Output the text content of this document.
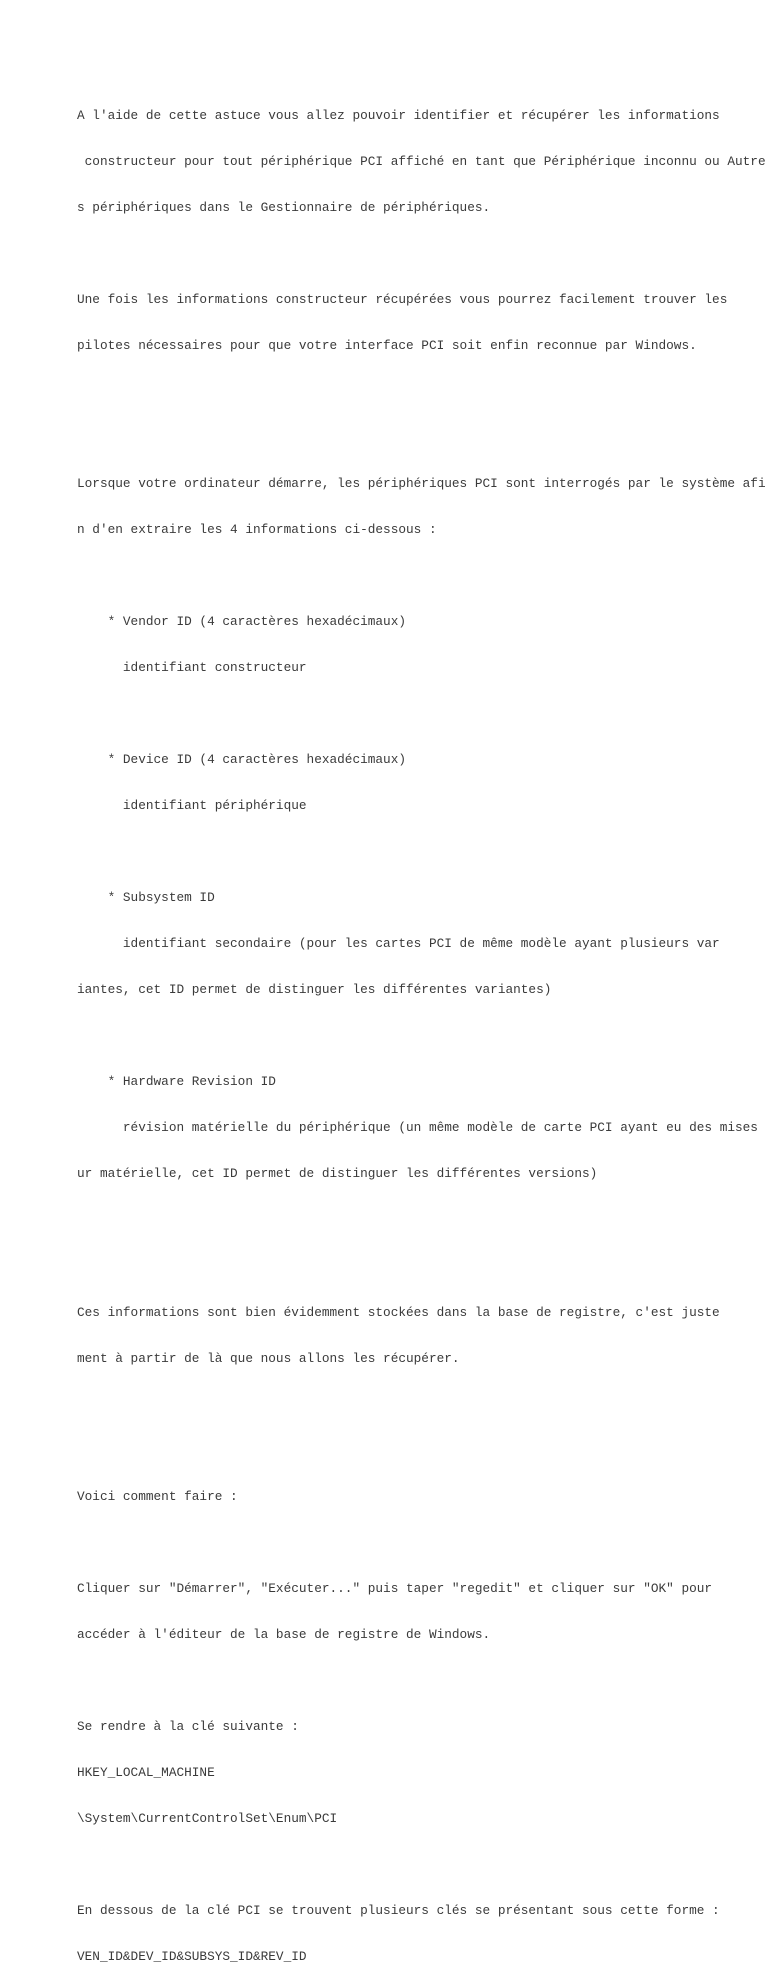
A l'aide de cette astuce vous allez pouvoir identifier et récupérer les informations

constructeur pour tout périphérique PCI affiché en tant que Périphérique inconnu ou Autre

s périphériques dans le Gestionnaire de périphériques.

Une fois les informations constructeur récupérées vous pourrez facilement trouver les

pilotes nécessaires pour que votre interface PCI soit enfin reconnue par Windows.

Lorsque votre ordinateur démarre, les périphériques PCI sont interrogés par le système afi

n d'en extraire les 4 informations ci-dessous :

* Vendor ID (4 caractères hexadécimaux)

identifiant constructeur

* Device ID (4 caractères hexadécimaux)

identifiant périphérique

* Subsystem ID

identifiant secondaire (pour les cartes PCI de même modèle ayant plusieurs var

iantes, cet ID permet de distinguer les différentes variantes)

* Hardware Revision ID

révision matérielle du périphérique (un même modèle de carte PCI ayant eu des mises

ur matérielle, cet ID permet de distinguer les différentes versions)

Ces informations sont bien évidemment stockées dans la base de registre, c'est juste

ment à partir de là que nous allons les récupérer.

Voici comment faire :

Cliquer sur "Démarrer", "Exécuter..." puis taper "regedit" et cliquer sur "OK" pour

accéder à l'éditeur de la base de registre de Windows.

Se rendre à la clé suivante :

HKEY_LOCAL_MACHINE

\System\CurrentControlSet\Enum\PCI

En dessous de la clé PCI se trouvent plusieurs clés se présentant sous cette forme :

VEN_ID&DEV_ID&SUBSYS_ID&REV_ID
